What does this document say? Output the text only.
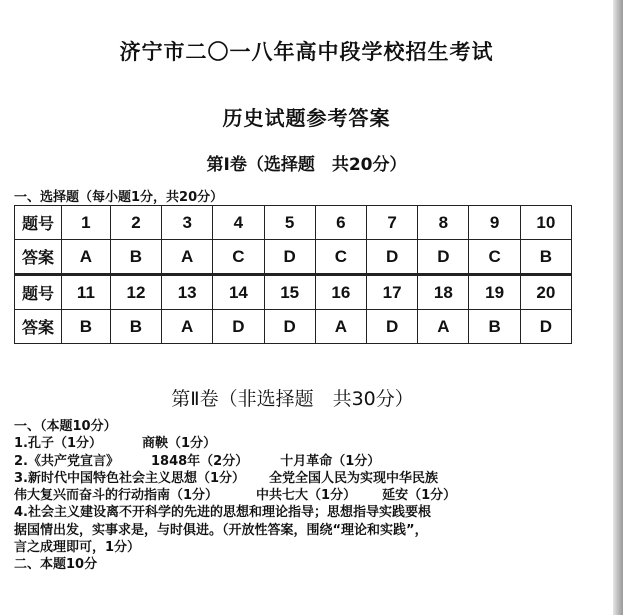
济宁市二〇一八年高中段学校招生考试
历史试题参考答案
第Ⅰ卷（选择题　共20分）
一、选择题（每小题1分，共20分）
题号	1	2	3	4	5	6	7	8	9	10
答案	A	B	A	C	D	C	D	D	C	B
题号	11	12	13	14	15	16	17	18	19	20
答案	B	B	A	D	D	A	D	A	B	D
第Ⅱ卷（非选择题　共30分）
一、（本题10分）
1.孔子（1分）	商鞅（1分）
2.《共产党宣言》 1848年（2分） 十月革命（1分）
3.新时代中国特色社会主义思想（1分） 全党全国人民为实现中华民族
伟大复兴而奋斗的行动指南（1分）	中共七大（1分） 延安（1分）
4.社会主义建设离不开科学的先进的思想和理论指导；思想指导实践要根
据国情出发，实事求是，与时俱进。（开放性答案，围绕“理论和实践”，
言之成理即可，1分）
二、本题10分
